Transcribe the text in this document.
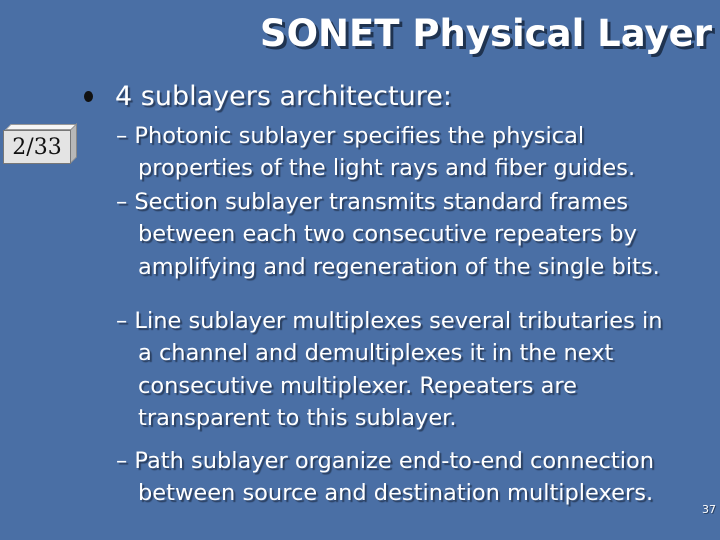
SONET Physical Layer
2/33
4 sublayers architecture:
– Photonic sublayer specifies the physical
properties of the light rays and fiber guides.
– Section sublayer transmits standard frames
between each two consecutive repeaters by
amplifying and regeneration of the single bits.
– Line sublayer multiplexes several tributaries in
a channel and demultiplexes it in the next
consecutive multiplexer. Repeaters are
transparent to this sublayer.
– Path sublayer organize end-to-end connection
between source and destination multiplexers.
37
